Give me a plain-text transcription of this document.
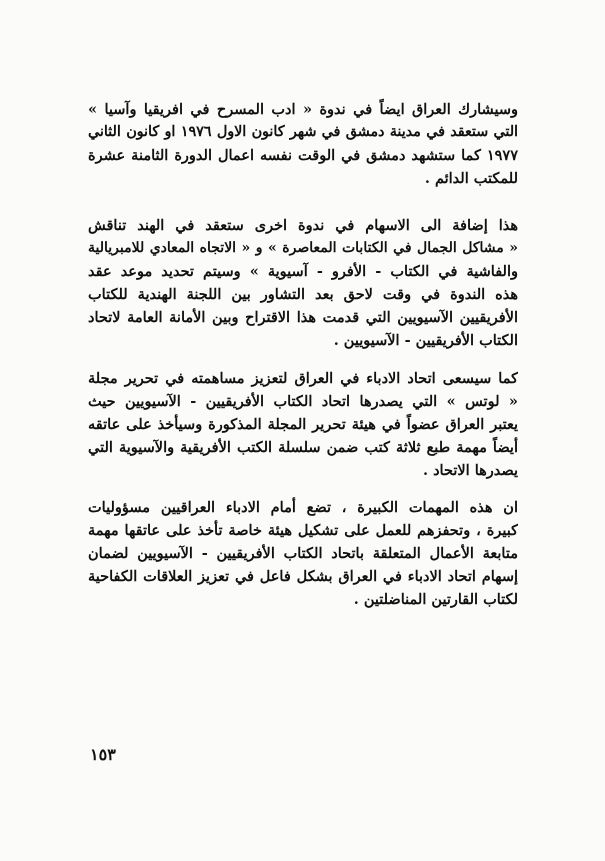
وسيشارك العراق ايضاً في ندوة « ادب المسرح في افريقيا وآسيا »
التي ستعقد في مدينة دمشق في شهر كانون الاول ١٩٧٦ او كانون الثاني
١٩٧٧ كما ستشهد دمشق في الوقت نفسه اعمال الدورة الثامنة عشرة
للمكتب الدائم .
هذا إضافة الى الاسهام في ندوة اخرى ستعقد في الهند تناقش
« مشاكل الجمال في الكتابات المعاصرة » و « الاتجاه المعادي للامبريالية
والفاشية في الكتاب - الأفرو - آسيوية » وسيتم تحديد موعد عقد
هذه الندوة في وقت لاحق بعد التشاور بين اللجنة الهندية للكتاب
الأفريقيين الآسيويين التي قدمت هذا الاقتراح وبين الأمانة العامة لاتحاد
الكتاب الأفريقيين - الآسيويين .
كما سيسعى اتحاد الادباء في العراق لتعزيز مساهمته في تحرير مجلة
« لوتس » التي يصدرها اتحاد الكتاب الأفريقيين - الآسيويين حيث
يعتبر العراق عضواً في هيئة تحرير المجلة المذكورة وسيأخذ على عاتقه
أيضاً مهمة طبع ثلاثة كتب ضمن سلسلة الكتب الأفريقية والآسيوية التي
يصدرها الاتحاد .
ان هذه المهمات الكبيرة ، تضع أمام الادباء العراقيين مسؤوليات
كبيرة ، وتحفزهم للعمل على تشكيل هيئة خاصة تأخذ على عاتقها مهمة
متابعة الأعمال المتعلقة باتحاد الكتاب الأفريقيين - الآسيويين لضمان
إسهام اتحاد الادباء في العراق بشكل فاعل في تعزيز العلاقات الكفاحية
لكتاب القارتين المناضلتين .
١٥٣
